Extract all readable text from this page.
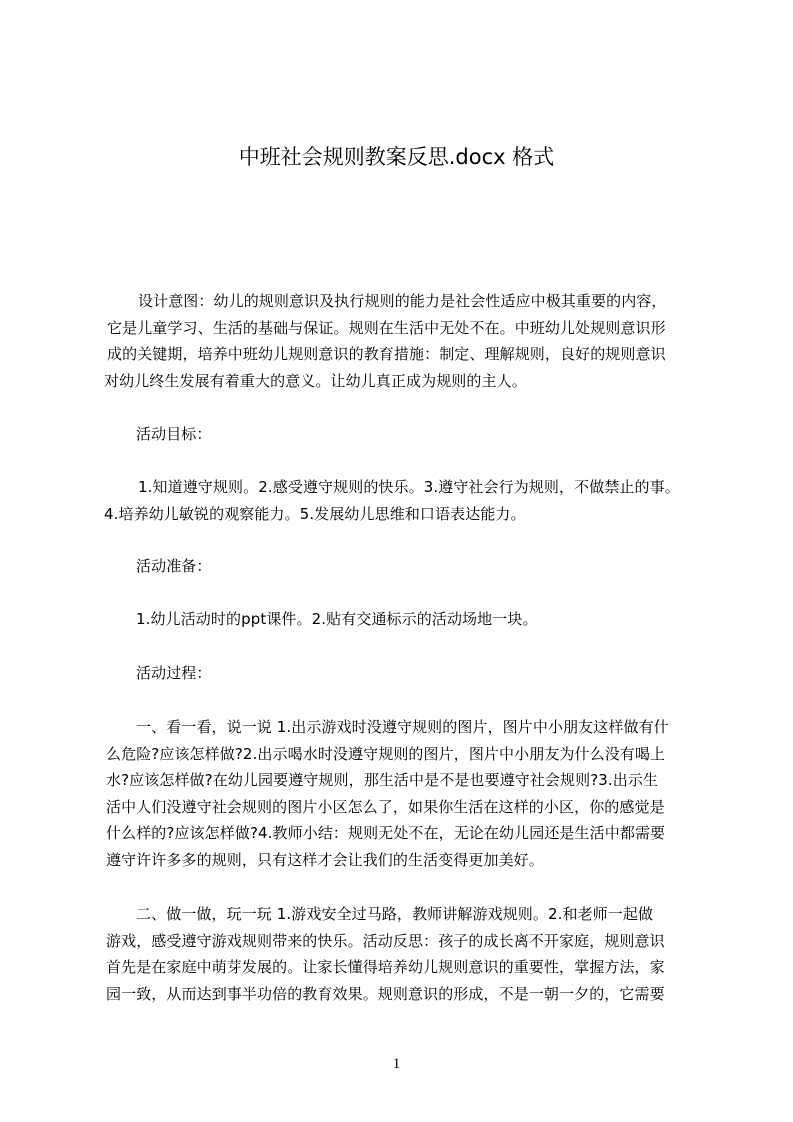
中班社会规则教案反思.docx 格式

设计意图：幼儿的规则意识及执行规则的能力是社会性适应中极其重要的内容，
它是儿童学习、生活的基础与保证。规则在生活中无处不在。中班幼儿处规则意识形
成的关键期，培养中班幼儿规则意识的教育措施：制定、理解规则，良好的规则意识
对幼儿终生发展有着重大的意义。让幼儿真正成为规则的主人。

活动目标：

1.知道遵守规则。2.感受遵守规则的快乐。3.遵守社会行为规则，不做禁止的事。
4.培养幼儿敏锐的观察能力。5.发展幼儿思维和口语表达能力。

活动准备：

1.幼儿活动时的ppt课件。2.贴有交通标示的活动场地一块。

活动过程：

一、看一看，说一说 1.出示游戏时没遵守规则的图片，图片中小朋友这样做有什
么危险?应该怎样做?2.出示喝水时没遵守规则的图片，图片中小朋友为什么没有喝上
水?应该怎样做?在幼儿园要遵守规则，那生活中是不是也要遵守社会规则?3.出示生
活中人们没遵守社会规则的图片小区怎么了，如果你生活在这样的小区，你的感觉是
什么样的?应该怎样做?4.教师小结：规则无处不在，无论在幼儿园还是生活中都需要
遵守许许多多的规则，只有这样才会让我们的生活变得更加美好。

二、做一做，玩一玩 1.游戏安全过马路，教师讲解游戏规则。2.和老师一起做
游戏，感受遵守游戏规则带来的快乐。活动反思：孩子的成长离不开家庭，规则意识
首先是在家庭中萌芽发展的。让家长懂得培养幼儿规则意识的重要性，掌握方法，家
园一致，从而达到事半功倍的教育效果。规则意识的形成，不是一朝一夕的，它需要

1
